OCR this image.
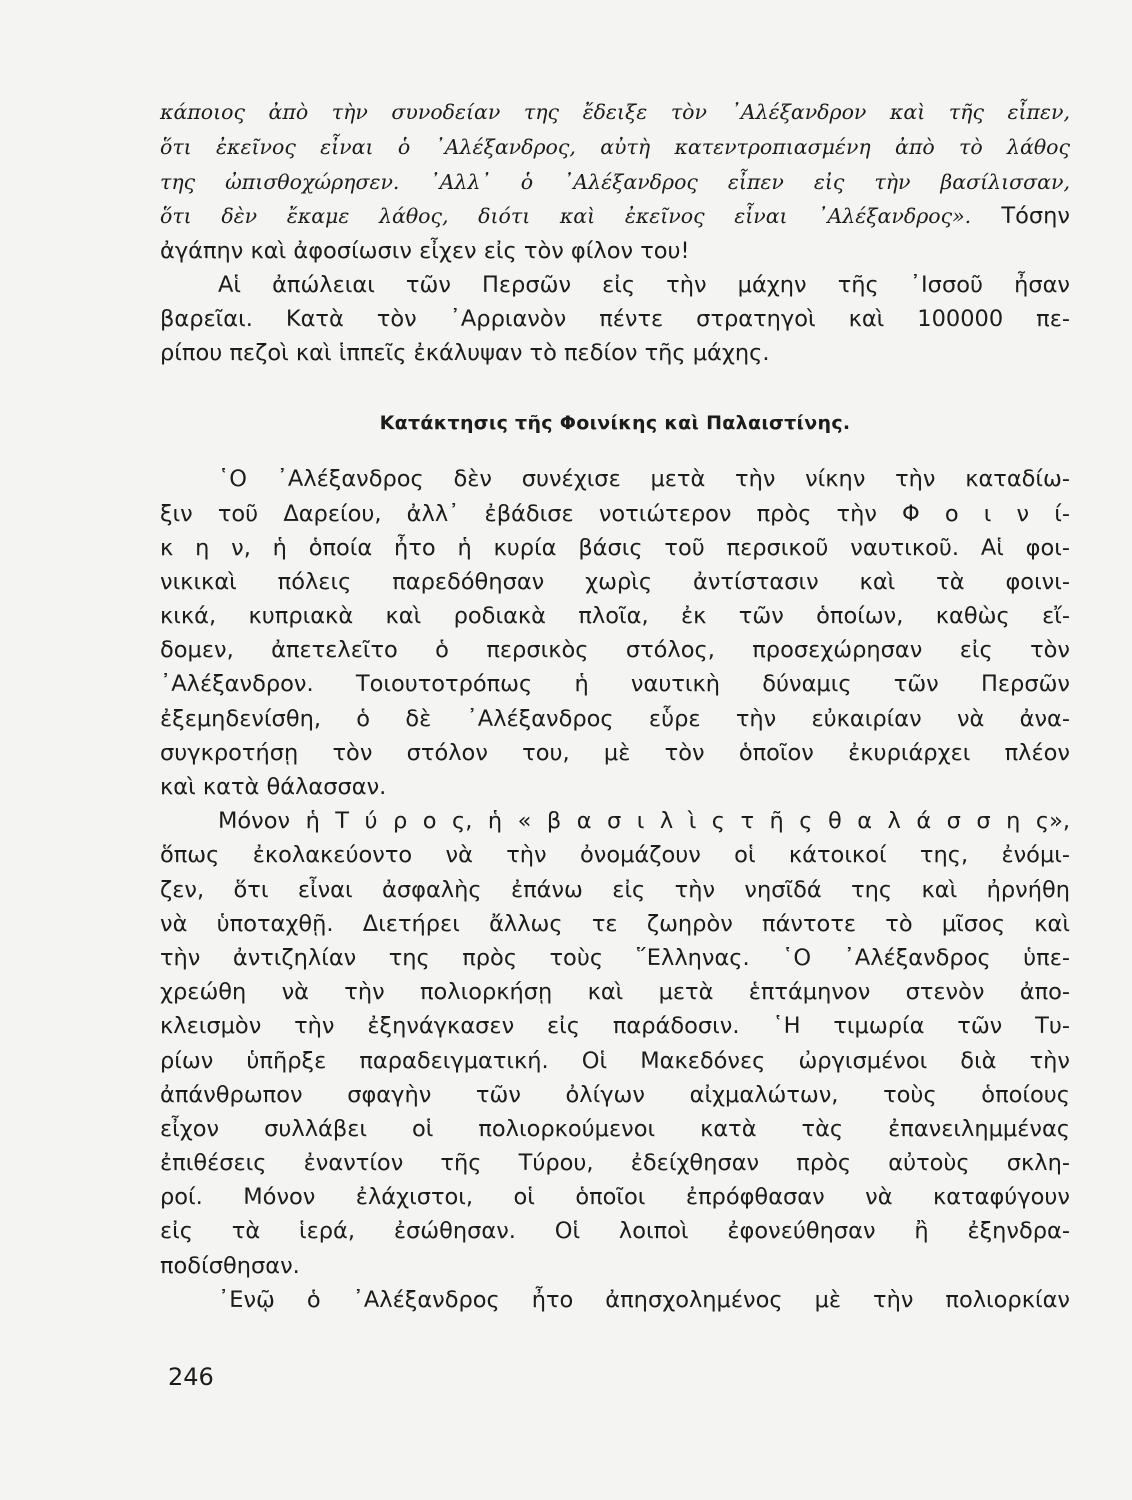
κάποιος ἀπὸ τὴν συνοδείαν της ἔδειξε τὸν ᾿Αλέξανδρον καὶ τῆς εἶπεν,
ὅτι ἐκεῖνος εἶναι ὁ ᾿Αλέξανδρος, αὐτὴ κατεντροπιασμένη ἀπὸ τὸ λάθος
της ὠπισθοχώρησεν. ᾿Αλλ᾿ ὁ ᾿Αλέξανδρος εἶπεν εἰς τὴν βασίλισσαν,
ὅτι δὲν ἔκαμε λάθος, διότι καὶ ἐκεῖνος εἶναι ᾿Αλέξανδρος». Τόσην
ἀγάπην καὶ ἀφοσίωσιν εἶχεν εἰς τὸν φίλον του!
Αἱ ἀπώλειαι τῶν Περσῶν εἰς τὴν μάχην τῆς ᾿Ισσοῦ ἦσαν
βαρεῖαι. Κατὰ τὸν ᾿Αρριανὸν πέντε στρατηγοὶ καὶ 100000 πε-
ρίπου πεζοὶ καὶ ἱππεῖς ἐκάλυψαν τὸ πεδίον τῆς μάχης.
Κατάκτησις τῆς Φοινίκης καὶ Παλαιστίνης.
῾Ο ᾿Αλέξανδρος δὲν συνέχισε μετὰ τὴν νίκην τὴν καταδίω-
ξιν τοῦ Δαρείου, ἀλλ᾿ ἐβάδισε νοτιώτερον πρὸς τὴν Φ ο ι ν ί-
κ η ν, ἡ ὁποία ἦτο ἡ κυρία βάσις τοῦ περσικοῦ ναυτικοῦ. Αἱ φοι-
νικικαὶ πόλεις παρεδόθησαν χωρὶς ἀντίστασιν καὶ τὰ φοινι-
κικά, κυπριακὰ καὶ ροδιακὰ πλοῖα, ἐκ τῶν ὁποίων, καθὼς εἴ-
δομεν, ἀπετελεῖτο ὁ περσικὸς στόλος, προσεχώρησαν εἰς τὸν
᾿Αλέξανδρον. Τοιουτοτρόπως ἡ ναυτικὴ δύναμις τῶν Περσῶν
ἐξεμηδενίσθη, ὁ δὲ ᾿Αλέξανδρος εὗρε τὴν εὐκαιρίαν νὰ ἀνα-
συγκροτήσῃ τὸν στόλον του, μὲ τὸν ὁποῖον ἐκυριάρχει πλέον
καὶ κατὰ θάλασσαν.
Μόνον ἡ Τ ύ ρ ο ς, ἡ « β α σ ι λ ὶ ς τ ῆ ς θ α λ ά σ σ η ς»,
ὅπως ἐκολακεύοντο νὰ τὴν ὀνομάζουν οἱ κάτοικοί της, ἐνόμι-
ζεν, ὅτι εἶναι ἀσφαλὴς ἐπάνω εἰς τὴν νησῖδά της καὶ ἠρνήθη
νὰ ὑποταχθῇ. Διετήρει ἄλλως τε ζωηρὸν πάντοτε τὸ μῖσος καὶ
τὴν ἀντιζηλίαν της πρὸς τοὺς ῞Ελληνας. ῾Ο ᾿Αλέξανδρος ὑπε-
χρεώθη νὰ τὴν πολιορκήσῃ καὶ μετὰ ἑπτάμηνον στενὸν ἀπο-
κλεισμὸν τὴν ἐξηνάγκασεν εἰς παράδοσιν. ῾Η τιμωρία τῶν Τυ-
ρίων ὑπῆρξε παραδειγματική. Οἱ Μακεδόνες ὠργισμένοι διὰ τὴν
ἀπάνθρωπον σφαγὴν τῶν ὀλίγων αἰχμαλώτων, τοὺς ὁποίους
εἶχον συλλάβει οἱ πολιορκούμενοι κατὰ τὰς ἐπανειλημμένας
ἐπιθέσεις ἐναντίον τῆς Τύρου, ἐδείχθησαν πρὸς αὐτοὺς σκλη-
ροί. Μόνον ἐλάχιστοι, οἱ ὁποῖοι ἐπρόφθασαν νὰ καταφύγουν
εἰς τὰ ἱερά, ἐσώθησαν. Οἱ λοιποὶ ἐφονεύθησαν ἢ ἐξηνδρα-
ποδίσθησαν.
᾿Ενῷ ὁ ᾿Αλέξανδρος ἦτο ἀπησχολημένος μὲ τὴν πολιορκίαν
246
